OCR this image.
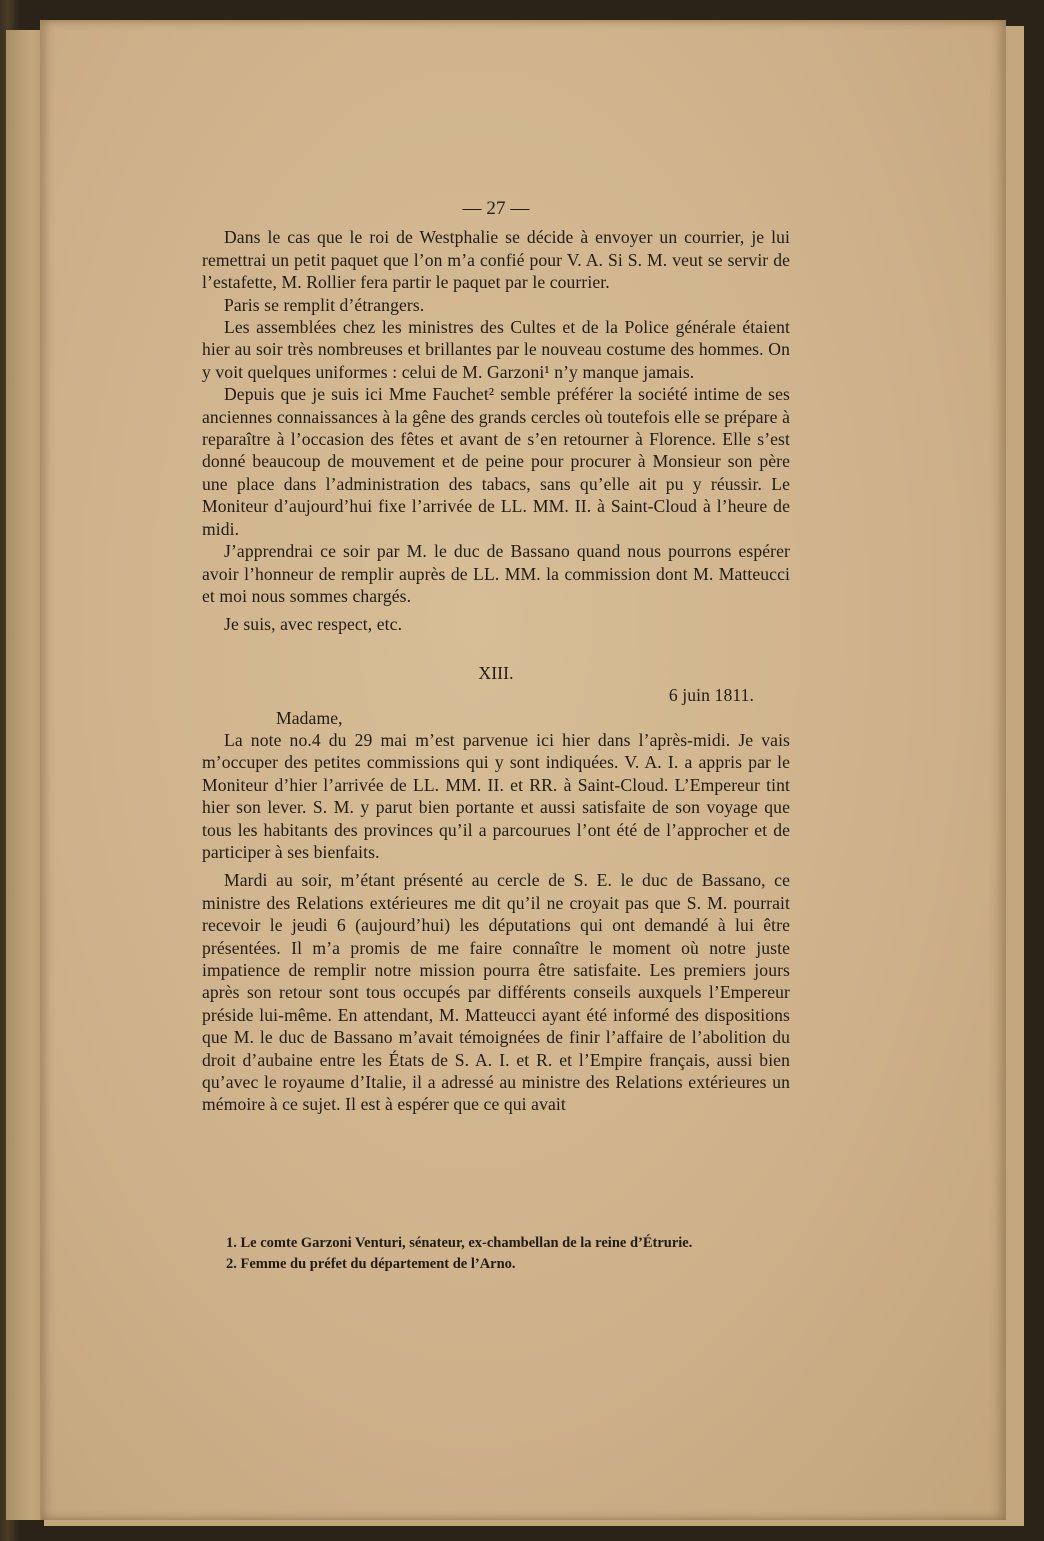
— 27 —

Dans le cas que le roi de Westphalie se décide à envoyer un courrier, je lui remettrai un petit paquet que l’on m’a confié pour V. A. Si S. M. veut se servir de l’estafette, M. Rollier fera partir le paquet par le courrier.

Paris se remplit d’étrangers.

Les assemblées chez les ministres des Cultes et de la Police générale étaient hier au soir très nombreuses et brillantes par le nouveau costume des hommes. On y voit quelques uniformes : celui de M. Garzoni¹ n’y manque jamais.

Depuis que je suis ici Mme Fauchet² semble préférer la société intime de ses anciennes connaissances à la gêne des grands cercles où toutefois elle se prépare à reparaître à l’occasion des fêtes et avant de s’en retourner à Florence. Elle s’est donné beaucoup de mouvement et de peine pour procurer à Monsieur son père une place dans l’administration des tabacs, sans qu’elle ait pu y réussir. Le Moniteur d’aujourd’hui fixe l’arrivée de LL. MM. II. à Saint-Cloud à l’heure de midi.

J’apprendrai ce soir par M. le duc de Bassano quand nous pourrons espérer avoir l’honneur de remplir auprès de LL. MM. la commission dont M. Matteucci et moi nous sommes chargés.

Je suis, avec respect, etc.

XIII.

6 juin 1811.

Madame,

La note no.4 du 29 mai m’est parvenue ici hier dans l’après-midi. Je vais m’occuper des petites commissions qui y sont indiquées. V. A. I. a appris par le Moniteur d’hier l’arrivée de LL. MM. II. et RR. à Saint-Cloud. L’Empereur tint hier son lever. S. M. y parut bien portante et aussi satisfaite de son voyage que tous les habitants des provinces qu’il a parcourues l’ont été de l’approcher et de participer à ses bienfaits.

Mardi au soir, m’étant présenté au cercle de S. E. le duc de Bassano, ce ministre des Relations extérieures me dit qu’il ne croyait pas que S. M. pourrait recevoir le jeudi 6 (aujourd’hui) les députations qui ont demandé à lui être présentées. Il m’a promis de me faire connaître le moment où notre juste impatience de remplir notre mission pourra être satisfaite. Les premiers jours après son retour sont tous occupés par différents conseils auxquels l’Empereur préside lui-même. En attendant, M. Matteucci ayant été informé des dispositions que M. le duc de Bassano m’avait témoignées de finir l’affaire de l’abolition du droit d’aubaine entre les États de S. A. I. et R. et l’Empire français, aussi bien qu’avec le royaume d’Italie, il a adressé au ministre des Relations extérieures un mémoire à ce sujet. Il est à espérer que ce qui avait

1. Le comte Garzoni Venturi, sénateur, ex-chambellan de la reine d’Étrurie.
2. Femme du préfet du département de l’Arno.
